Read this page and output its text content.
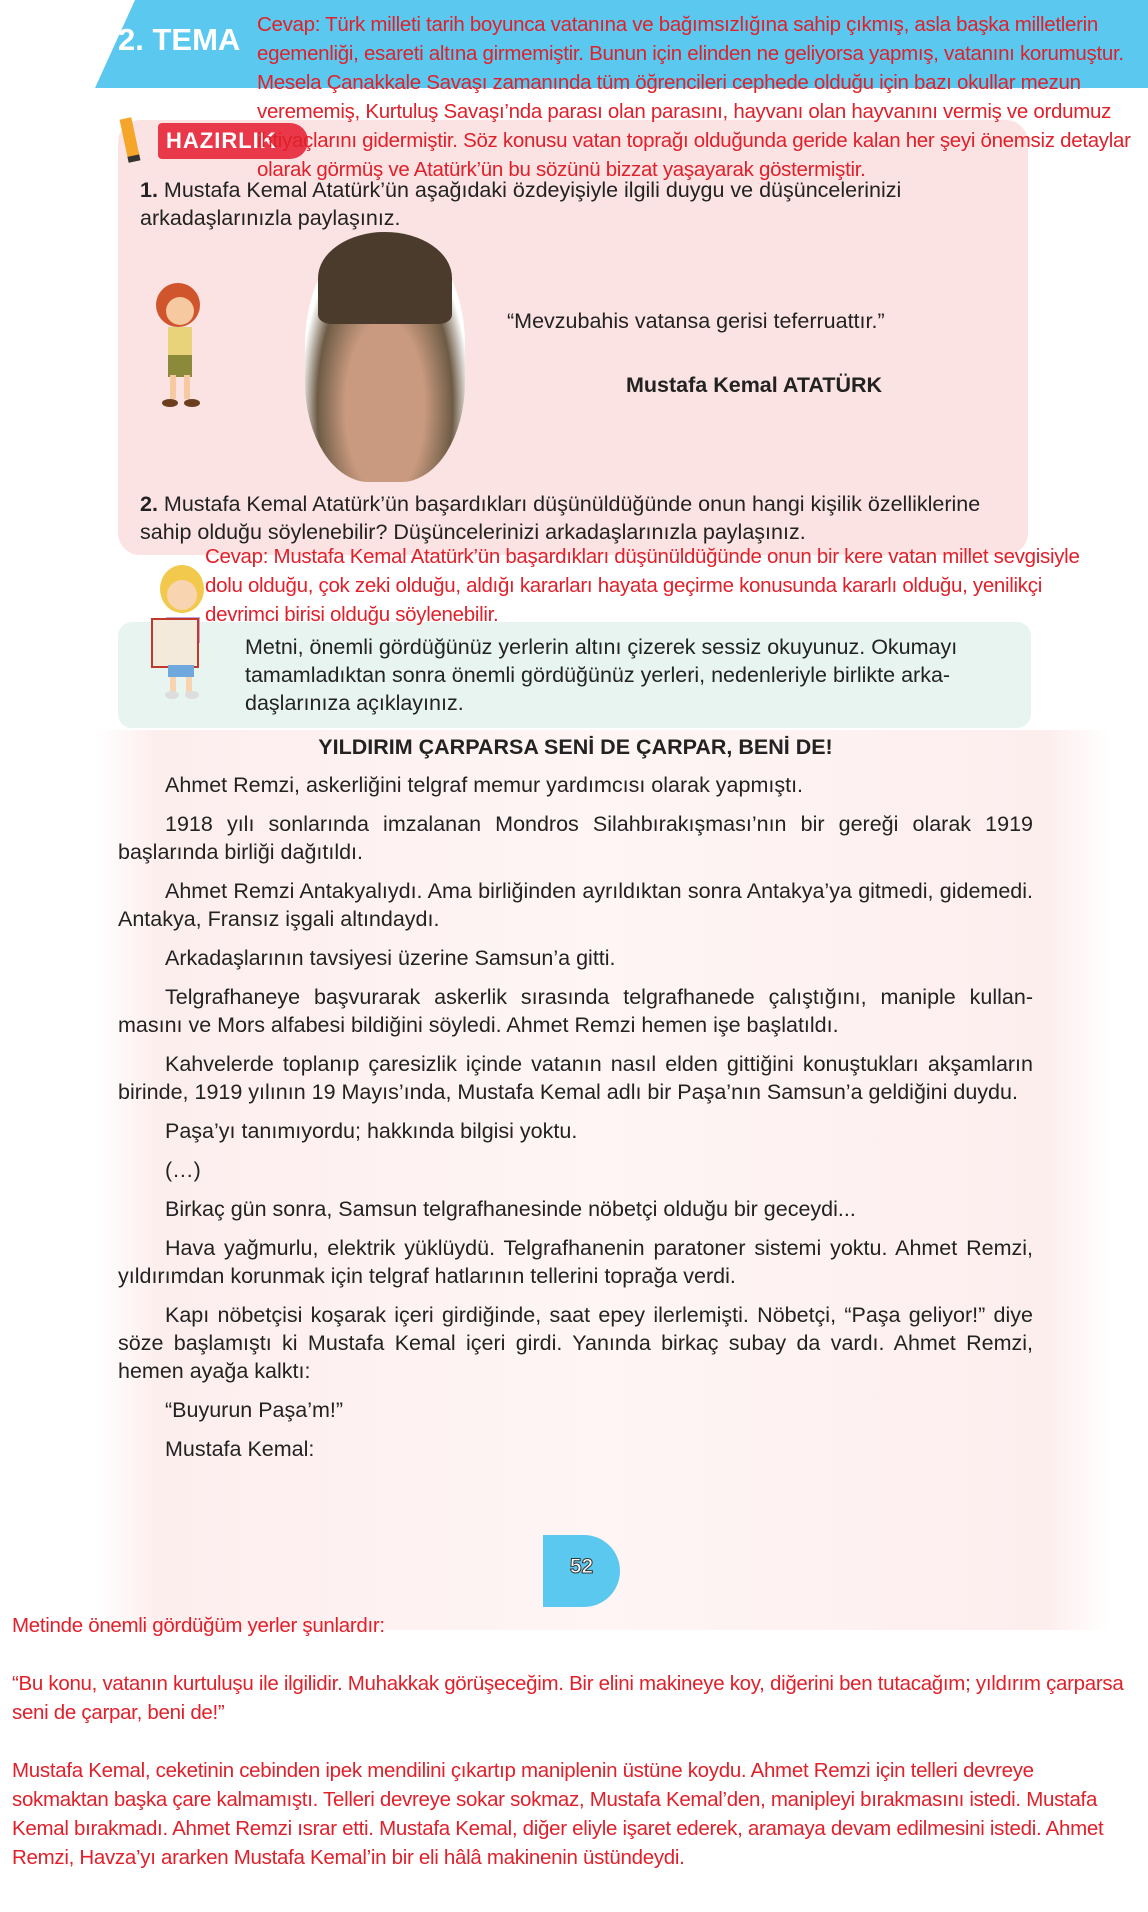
2. TEMA
HAZIRLIK
1. Mustafa Kemal Atatürk’ün aşağıdaki özdeyişiyle ilgili duygu ve düşüncelerinizi arkadaşlarınızla paylaşınız.
“Mevzubahis vatansa gerisi teferruattır.”
Mustafa Kemal ATATÜRK
2. Mustafa Kemal Atatürk’ün başardıkları düşünüldüğünde onun hangi kişilik özelliklerine sahip olduğu söylenebilir? Düşüncelerinizi arkadaşlarınızla paylaşınız.
Cevap: Türk milleti tarih boyunca vatanına ve bağımsızlığına sahip çıkmış, asla başka milletlerin egemenliği, esareti altına girmemiştir. Bunun için elinden ne geliyorsa yapmış, vatanını korumuştur. Mesela Çanakkale Savaşı zamanında tüm öğrencileri cephede olduğu için bazı okullar mezun verememiş, Kurtuluş Savaşı’nda parası olan parasını, hayvanı olan hayvanını vermiş ve ordumuz ihtiyaçlarını gidermiştir. Söz konusu vatan toprağı olduğunda geride kalan her şeyi önemsiz detaylar olarak görmüş ve Atatürk’ün bu sözünü bizzat yaşayarak göstermiştir.
Metni, önemli gördüğünüz yerlerin altını çizerek sessiz okuyunuz. Okumayı tamamladıktan sonra önemli gördüğünüz yerleri, nedenleriyle birlikte arkadaşlarınıza açıklayınız.
Cevap: Mustafa Kemal Atatürk’ün başardıkları düşünüldüğünde onun bir kere vatan millet sevgisiyle dolu olduğu, çok zeki olduğu, aldığı kararları hayata geçirme konusunda kararlı olduğu, yenilikçi devrimci birisi olduğu söylenebilir.
YILDIRIM ÇARPARSA SENİ DE ÇARPAR, BENİ DE!

Ahmet Remzi, askerliğini telgraf memur yardımcısı olarak yapmıştı.

1918 yılı sonlarında imzalanan Mondros Silahbırakışması’nın bir gereği olarak 1919 başlarında birliği dağıtıldı.

Ahmet Remzi Antakyalıydı. Ama birliğinden ayrıldıktan sonra Antakya’ya gitmedi, gidemedi. Antakya, Fransız işgali altındaydı.

Arkadaşlarının tavsiyesi üzerine Samsun’a gitti.

Telgrafhaneye başvurarak askerlik sırasında telgrafhanede çalıştığını, maniple kullanmasını ve Mors alfabesi bildiğini söyledi. Ahmet Remzi hemen işe başlatıldı.

Kahvelerde toplanıp çaresizlik içinde vatanın nasıl elden gittiğini konuştukları akşamların birinde, 1919 yılının 19 Mayıs’ında, Mustafa Kemal adlı bir Paşa’nın Samsun’a geldiğini duydu.

Paşa’yı tanımıyordu; hakkında bilgisi yoktu.

(…)

Birkaç gün sonra, Samsun telgrafhanesinde nöbetçi olduğu bir geceydi...

Hava yağmurlu, elektrik yüklüydü. Telgrafhanenin paratoner sistemi yoktu. Ahmet Remzi, yıldırımdan korunmak için telgraf hatlarının tellerini toprağa verdi.

Kapı nöbetçisi koşarak içeri girdiğinde, saat epey ilerlemişti. Nöbetçi, “Paşa geliyor!” diye söze başlamıştı ki Mustafa Kemal içeri girdi. Yanında birkaç subay da vardı. Ahmet Remzi, hemen ayağa kalktı:

“Buyurun Paşa’m!”

Mustafa Kemal:

52

Metinde önemli gördüğüm yerler şunlardır:

“Bu konu, vatanın kurtuluşu ile ilgilidir. Muhakkak görüşeceğim. Bir elini makineye koy, diğerini ben tutacağım; yıldırım çarparsa seni de çarpar, beni de!”

Mustafa Kemal, ceketinin cebinden ipek mendilini çıkartıp maniplenin üstüne koydu. Ahmet Remzi için telleri devreye sokmaktan başka çare kalmamıştı. Telleri devreye sokar sokmaz, Mustafa Kemal’den, manipleyi bırakmasını istedi. Mustafa Kemal bırakmadı. Ahmet Remzi ısrar etti. Mustafa Kemal, diğer eliyle işaret ederek, aramaya devam edilmesini istedi. Ahmet Remzi, Havza’yı ararken Mustafa Kemal’in bir eli hâlâ makinenin üstündeydi.
